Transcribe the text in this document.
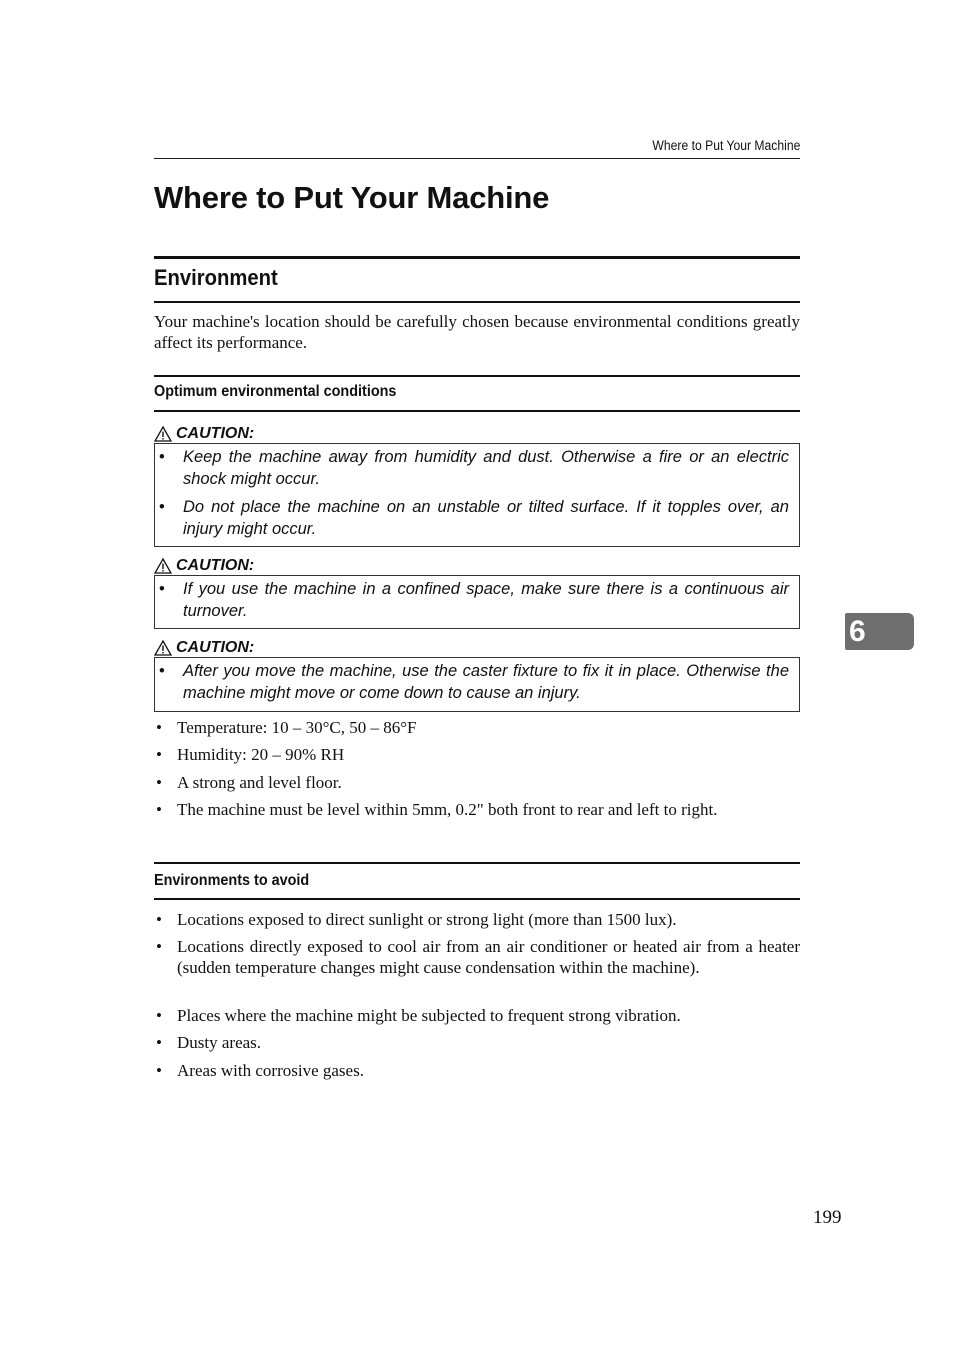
Where to Put Your Machine
Where to Put Your Machine
Environment

Your machine's location should be carefully chosen because environmental conditions greatly affect its performance.

Optimum environmental conditions
CAUTION:
• Keep the machine away from humidity and dust. Otherwise a fire or an electric shock might occur.
• Do not place the machine on an unstable or tilted surface. If it topples over, an injury might occur.
CAUTION:
• If you use the machine in a confined space, make sure there is a continuous air turnover.
CAUTION:
• After you move the machine, use the caster fixture to fix it in place. Otherwise the machine might move or come down to cause an injury.
• Temperature: 10 – 30°C, 50 – 86°F
• Humidity: 20 – 90% RH
• A strong and level floor.
• The machine must be level within 5mm, 0.2" both front to rear and left to right.
Environments to avoid
• Locations exposed to direct sunlight or strong light (more than 1500 lux).
• Locations directly exposed to cool air from an air conditioner or heated air from a heater (sudden temperature changes might cause condensation within the machine).
• Places where the machine might be subjected to frequent strong vibration.
• Dusty areas.
• Areas with corrosive gases.
6
199
